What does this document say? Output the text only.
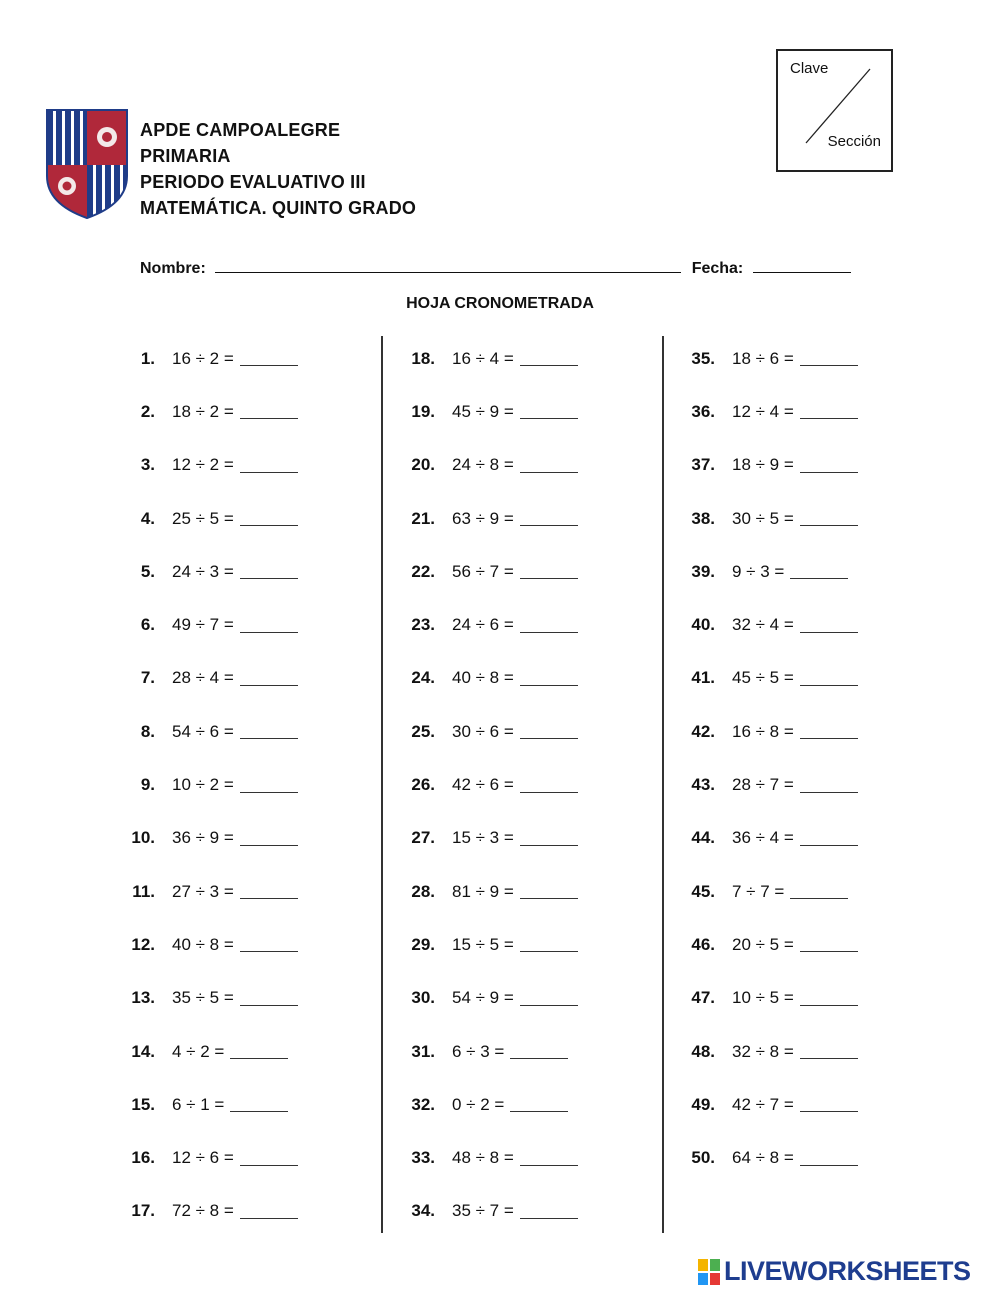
APDE CAMPOALEGRE
PRIMARIA
PERIODO EVALUATIVO III
MATEMÁTICA. QUINTO GRADO
Clave
Sección
Nombre:	Fecha:
HOJA CRONOMETRADA
1. 16 ÷ 2 =
2. 18 ÷ 2 =
3. 12 ÷ 2 =
4. 25 ÷ 5 =
5. 24 ÷ 3 =
6. 49 ÷ 7 =
7. 28 ÷ 4 =
8. 54 ÷ 6 =
9. 10 ÷ 2 =
10. 36 ÷ 9 =
11. 27 ÷ 3 =
12. 40 ÷ 8 =
13. 35 ÷ 5 =
14. 4 ÷ 2 =
15. 6 ÷ 1 =
16. 12 ÷ 6 =
17. 72 ÷ 8 =
18. 16 ÷ 4 =
19. 45 ÷ 9 =
20. 24 ÷ 8 =
21. 63 ÷ 9 =
22. 56 ÷ 7 =
23. 24 ÷ 6 =
24. 40 ÷ 8 =
25. 30 ÷ 6 =
26. 42 ÷ 6 =
27. 15 ÷ 3 =
28. 81 ÷ 9 =
29. 15 ÷ 5 =
30. 54 ÷ 9 =
31. 6 ÷ 3 =
32. 0 ÷ 2 =
33. 48 ÷ 8 =
34. 35 ÷ 7 =
35. 18 ÷ 6 =
36. 12 ÷ 4 =
37. 18 ÷ 9 =
38. 30 ÷ 5 =
39. 9 ÷ 3 =
40. 32 ÷ 4 =
41. 45 ÷ 5 =
42. 16 ÷ 8 =
43. 28 ÷ 7 =
44. 36 ÷ 4 =
45. 7 ÷ 7 =
46. 20 ÷ 5 =
47. 10 ÷ 5 =
48. 32 ÷ 8 =
49. 42 ÷ 7 =
50. 64 ÷ 8 =
LIVEWORKSHEETS
